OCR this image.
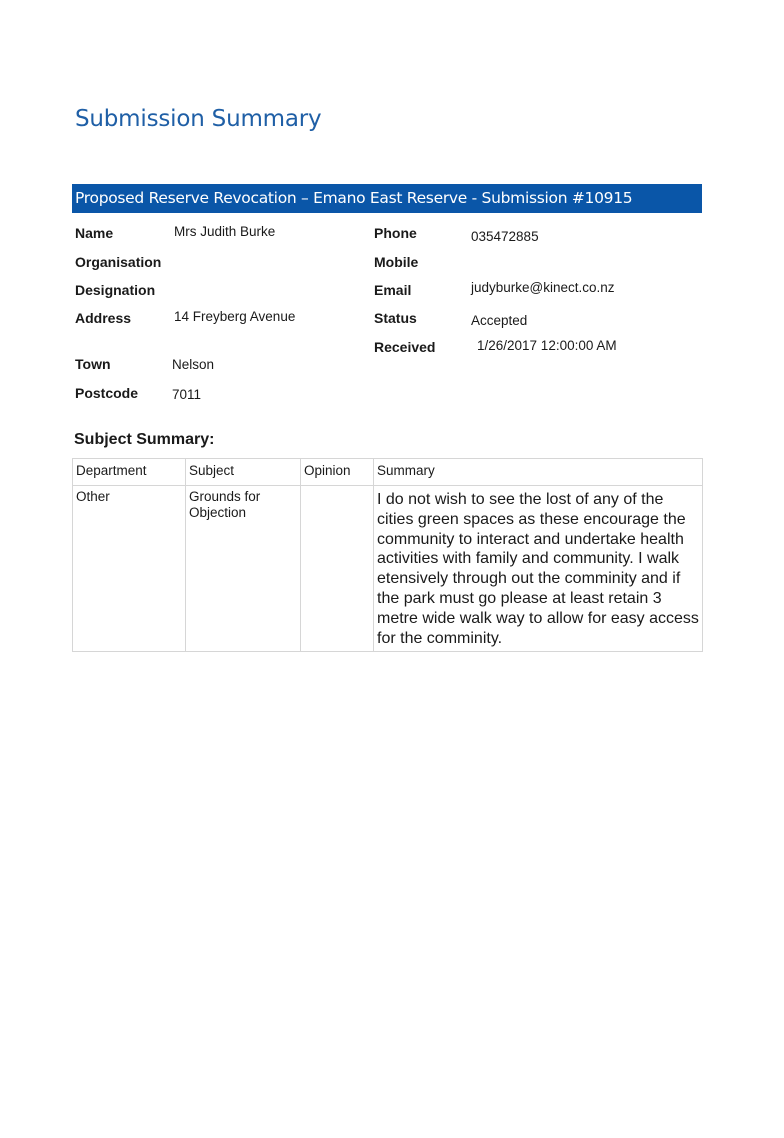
Submission Summary
Proposed Reserve Revocation – Emano East Reserve - Submission #10915
Name	Mrs Judith Burke
Organisation
Designation
Address	14 Freyberg Avenue
Town	Nelson
Postcode	7011
Phone	035472885
Mobile
Email	judyburke@kinect.co.nz
Status	Accepted
Received	1/26/2017 12:00:00 AM
Subject Summary:
Department	Subject	Opinion	Summary
Other	Grounds for Objection		I do not wish to see the lost of any of the cities green spaces as these encourage the community to interact and undertake health activities with family and community. I walk etensively through out the comminity and if the park must go please at least retain 3 metre wide walk way to allow for easy access for the comminity.
